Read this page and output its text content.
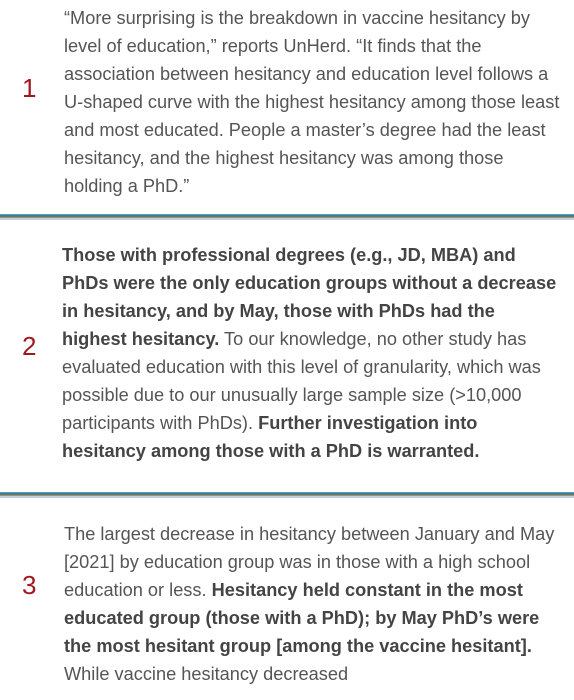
1
“More surprising is the breakdown in vaccine hesitancy by level of education,” reports UnHerd. “It finds that the association between hesitancy and education level follows a U-shaped curve with the highest hesitancy among those least and most educated. People a master’s degree had the least hesitancy, and the highest hesitancy was among those holding a PhD.”
2
Those with professional degrees (e.g., JD, MBA) and PhDs were the only education groups without a decrease in hesitancy, and by May, those with PhDs had the highest hesitancy. To our knowledge, no other study has evaluated education with this level of granularity, which was possible due to our unusually large sample size (>10,000 participants with PhDs). Further investigation into hesitancy among those with a PhD is warranted.
3
The largest decrease in hesitancy between January and May [2021] by education group was in those with a high school education or less. Hesitancy held constant in the most educated group (those with a PhD); by May PhD’s were the most hesitant group [among the vaccine hesitant]. While vaccine hesitancy decreased
